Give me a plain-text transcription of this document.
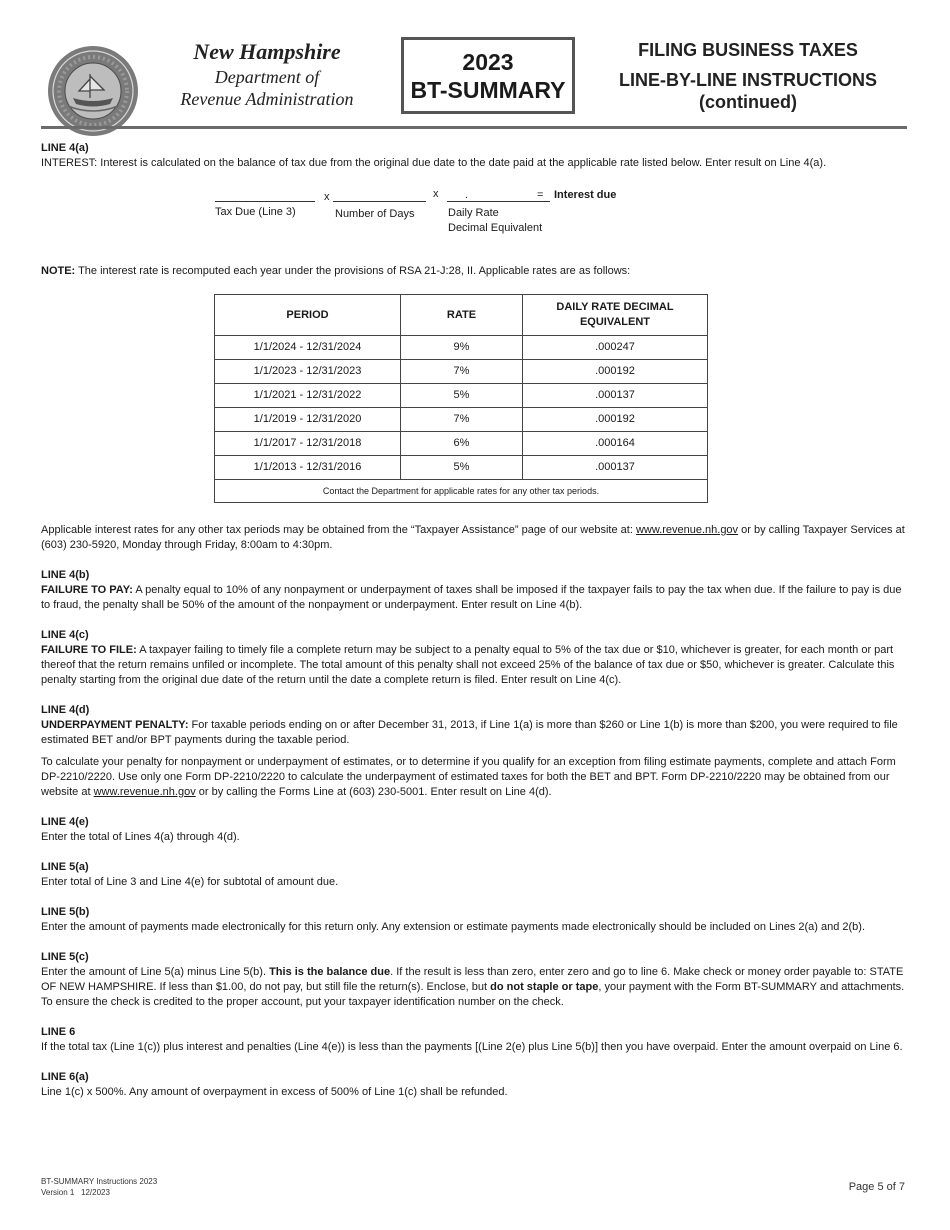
New Hampshire
Department of
Revenue Administration
2023
BT-SUMMARY
FILING BUSINESS TAXES
LINE-BY-LINE INSTRUCTIONS
(continued)
LINE 4(a)

INTEREST: Interest is calculated on the balance of tax due from the original due date to the date paid at the applicable rate listed below. Enter result on Line 4(a).

x	x .	= Interest due
Tax Due (Line 3)	Number of Days	Daily Rate
Decimal Equivalent

NOTE: The interest rate is recomputed each year under the provisions of RSA 21-J:28, II. Applicable rates are as follows:

PERIOD	RATE	DAILY RATE DECIMAL
EQUIVALENT
1/1/2024 - 12/31/2024	9%	.000247
1/1/2023 - 12/31/2023	7%	.000192
1/1/2021 - 12/31/2022	5%	.000137
1/1/2019 - 12/31/2020	7%	.000192
1/1/2017 - 12/31/2018	6%	.000164
1/1/2013 - 12/31/2016	5%	.000137
Contact the Department for applicable rates for any other tax periods.		

Applicable interest rates for any other tax periods may be obtained from the “Taxpayer Assistance” page of our website at: www.revenue.nh.gov or by calling Taxpayer Services at (603) 230-5920, Monday through Friday, 8:00am to 4:30pm.

LINE 4(b)

FAILURE TO PAY: A penalty equal to 10% of any nonpayment or underpayment of taxes shall be imposed if the taxpayer fails to pay the tax when due. If the failure to pay is due to fraud, the penalty shall be 50% of the amount of the nonpayment or underpayment. Enter result on Line 4(b).

LINE 4(c)

FAILURE TO FILE: A taxpayer failing to timely file a complete return may be subject to a penalty equal to 5% of the tax due or $10, whichever is greater, for each month or part thereof that the return remains unfiled or incomplete. The total amount of this penalty shall not exceed 25% of the balance of tax due or $50, whichever is greater. Calculate this penalty starting from the original due date of the return until the date a complete return is filed. Enter result on Line 4(c).

LINE 4(d)

UNDERPAYMENT PENALTY: For taxable periods ending on or after December 31, 2013, if Line 1(a) is more than $260 or Line 1(b) is more than $200, you were required to file estimated BET and/or BPT payments during the taxable period.

To calculate your penalty for nonpayment or underpayment of estimates, or to determine if you qualify for an exception from filing estimate payments, complete and attach Form DP-2210/2220. Use only one Form DP-2210/2220 to calculate the underpayment of estimated taxes for both the BET and BPT. Form DP-2210/2220 may be obtained from our website at www.revenue.nh.gov or by calling the Forms Line at (603) 230-5001. Enter result on Line 4(d).

LINE 4(e)

Enter the total of Lines 4(a) through 4(d).

LINE 5(a)

Enter total of Line 3 and Line 4(e) for subtotal of amount due.

LINE 5(b)

Enter the amount of payments made electronically for this return only. Any extension or estimate payments made electronically should be included on Lines 2(a) and 2(b).

LINE 5(c)

Enter the amount of Line 5(a) minus Line 5(b). This is the balance due. If the result is less than zero, enter zero and go to line 6. Make check or money order payable to: STATE OF NEW HAMPSHIRE. If less than $1.00, do not pay, but still file the return(s). Enclose, but do not staple or tape, your payment with the Form BT-SUMMARY and attachments. To ensure the check is credited to the proper account, put your taxpayer identification number on the check.

LINE 6

If the total tax (Line 1(c)) plus interest and penalties (Line 4(e)) is less than the payments [(Line 2(e) plus Line 5(b)] then you have overpaid. Enter the amount overpaid on Line 6.

LINE 6(a)

Line 1(c) x 500%. Any amount of overpayment in excess of 500% of Line 1(c) shall be refunded.

BT-SUMMARY Instructions 2023
Version 1   12/2023	Page 5 of 7
